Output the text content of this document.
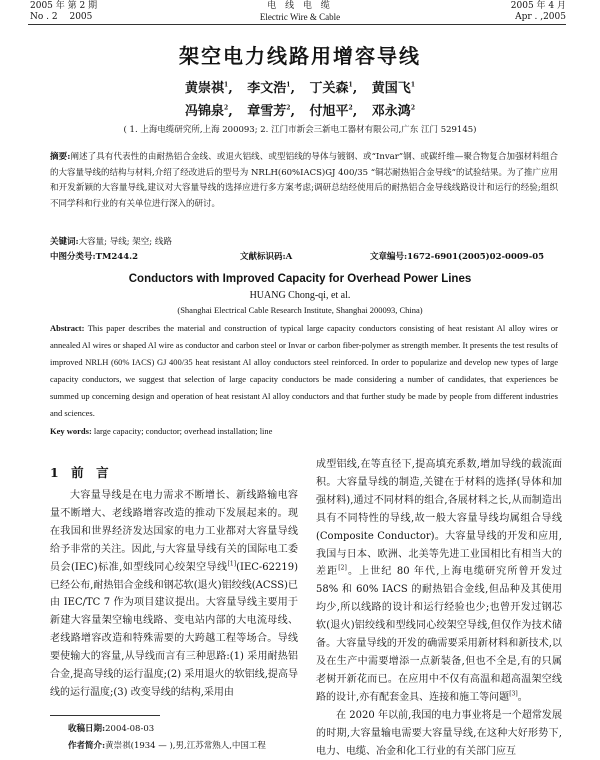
2005 年 第 2 期
No . 2　 2005
电 线 电 缆
Electric Wire & Cable
2005 年 4 月
Apr . ,2005
架空电力线路用增容导线
黄崇祺$^1$, 李文浩$^1$, 丁关森$^1$, 黄国飞$^1$
冯锦泉$^2$, 章雪芳$^2$, 付旭平$^2$, 邓永鸿$^2$
( 1. 上海电缆研究所,上海 200093; 2. 江门市新会三新电工器材有限公司,广东 江门 529145)
摘要:阐述了具有代表性的由耐热铝合金线、或退火铝线、或型铝线的导体与镀钢、或“Invar”钢、或碳纤维—聚合物复合加强材料组合的大容量导线的结构与材料,介绍了经改进后的型号为 NRLH(60%IACS)GJ 400/35 “铜芯耐热铝合金导线”的试验结果。为了推广应用和开发新颖的大容量导线,建议对大容量导线的选择应进行多方案考虑;调研总结经使用后的耐热铝合金导线线路设计和运行的经验;组织不同学科和行业的有关单位进行深入的研讨。
关键词:大容量; 导线; 架空; 线路
中图分类号:TM244.2	文献标识码:A	文章编号:1672-6901(2005)02-0009-05
Conductors with Improved Capacity for Overhead Power Lines
HUANG Chong-qi, et al.
(Shanghai Electrical Cable Research Institute, Shanghai 200093, China)
Abstract: This paper describes the material and construction of typical large capacity conductors consisting of heat resistant Al alloy wires or annealed Al wires or shaped Al wire as conductor and carbon steel or Invar or carbon fiber-polymer as strength member. It presents the test results of improved NRLH (60% IACS) GJ 400/35 heat resistant Al alloy conductors steel reinforced. In order to popularize and develop new types of large capacity conductors, we suggest that selection of large capacity conductors be made considering a number of candidates, that experiences be summed up concerning design and operation of heat resistant Al alloy conductors and that further study be made by people from different industries and sciences.
Key words: large capacity; conductor; overhead installation; line
1 前　言

大容量导线是在电力需求不断增长、新线路输电容量不断增大、老线路增容改造的推动下发展起来的。现在我国和世界经济发达国家的电力工业都对大容量导线给予非常的关注。因此,与大容量导线有关的国际电工委员会(IEC)标准,如型线同心绞架空导线[1](IEC-62219)已经公布,耐热铝合金线和钢芯软(退火)铝绞线(ACSS)已由 IEC/TC 7 作为项目建议提出。大容量导线主要用于新建大容量架空输电线路、变电站内部的大电流母线、老线路增容改造和特殊需要的大跨越工程等场合。导线要使输大的容量,从导线而言有三种思路:(1) 采用耐热铝合金,提高导线的运行温度;(2) 采用退火的软铝线,提高导线的运行温度;(3) 改变导线的结构,采用由

成型铝线,在等直径下,提高填充系数,增加导线的载流面积。大容量导线的制造,关键在于材料的选择(导体和加强材料),通过不同材料的组合,各展材料之长,从而制造出具有不同特性的导线,故一般大容量导线均属组合导线(Composite Conductor)。大容量导线的开发和应用,我国与日本、欧洲、北美等先进工业国相比有相当大的差距[2]。上世纪 80 年代,上海电缆研究所曾开发过 58% 和 60% IACS 的耐热铝合金线,但品种及其使用均少,所以线路的设计和运行经验也少;也曾开发过钢芯软(退火)铝绞线和型线同心绞架空导线,但仅作为技术储备。大容量导线的开发的确需要采用新材料和新技术,以及在生产中需要增添一点新装备,但也不全是,有的只属老树开新花而已。在应用中不仅有高温和超高温架空线路的设计,亦有配套金具、连接和施工等问题[3]。

在 2020 年以前,我国的电力事业将是一个超常发展的时期,大容量输电需要大容量导线,在这种大好形势下,电力、电缆、冶金和化工行业的有关部门应互

收稿日期:2004-08-03
作者简介:黄崇祺(1934 — ),男,江苏常熟人,中国工程
